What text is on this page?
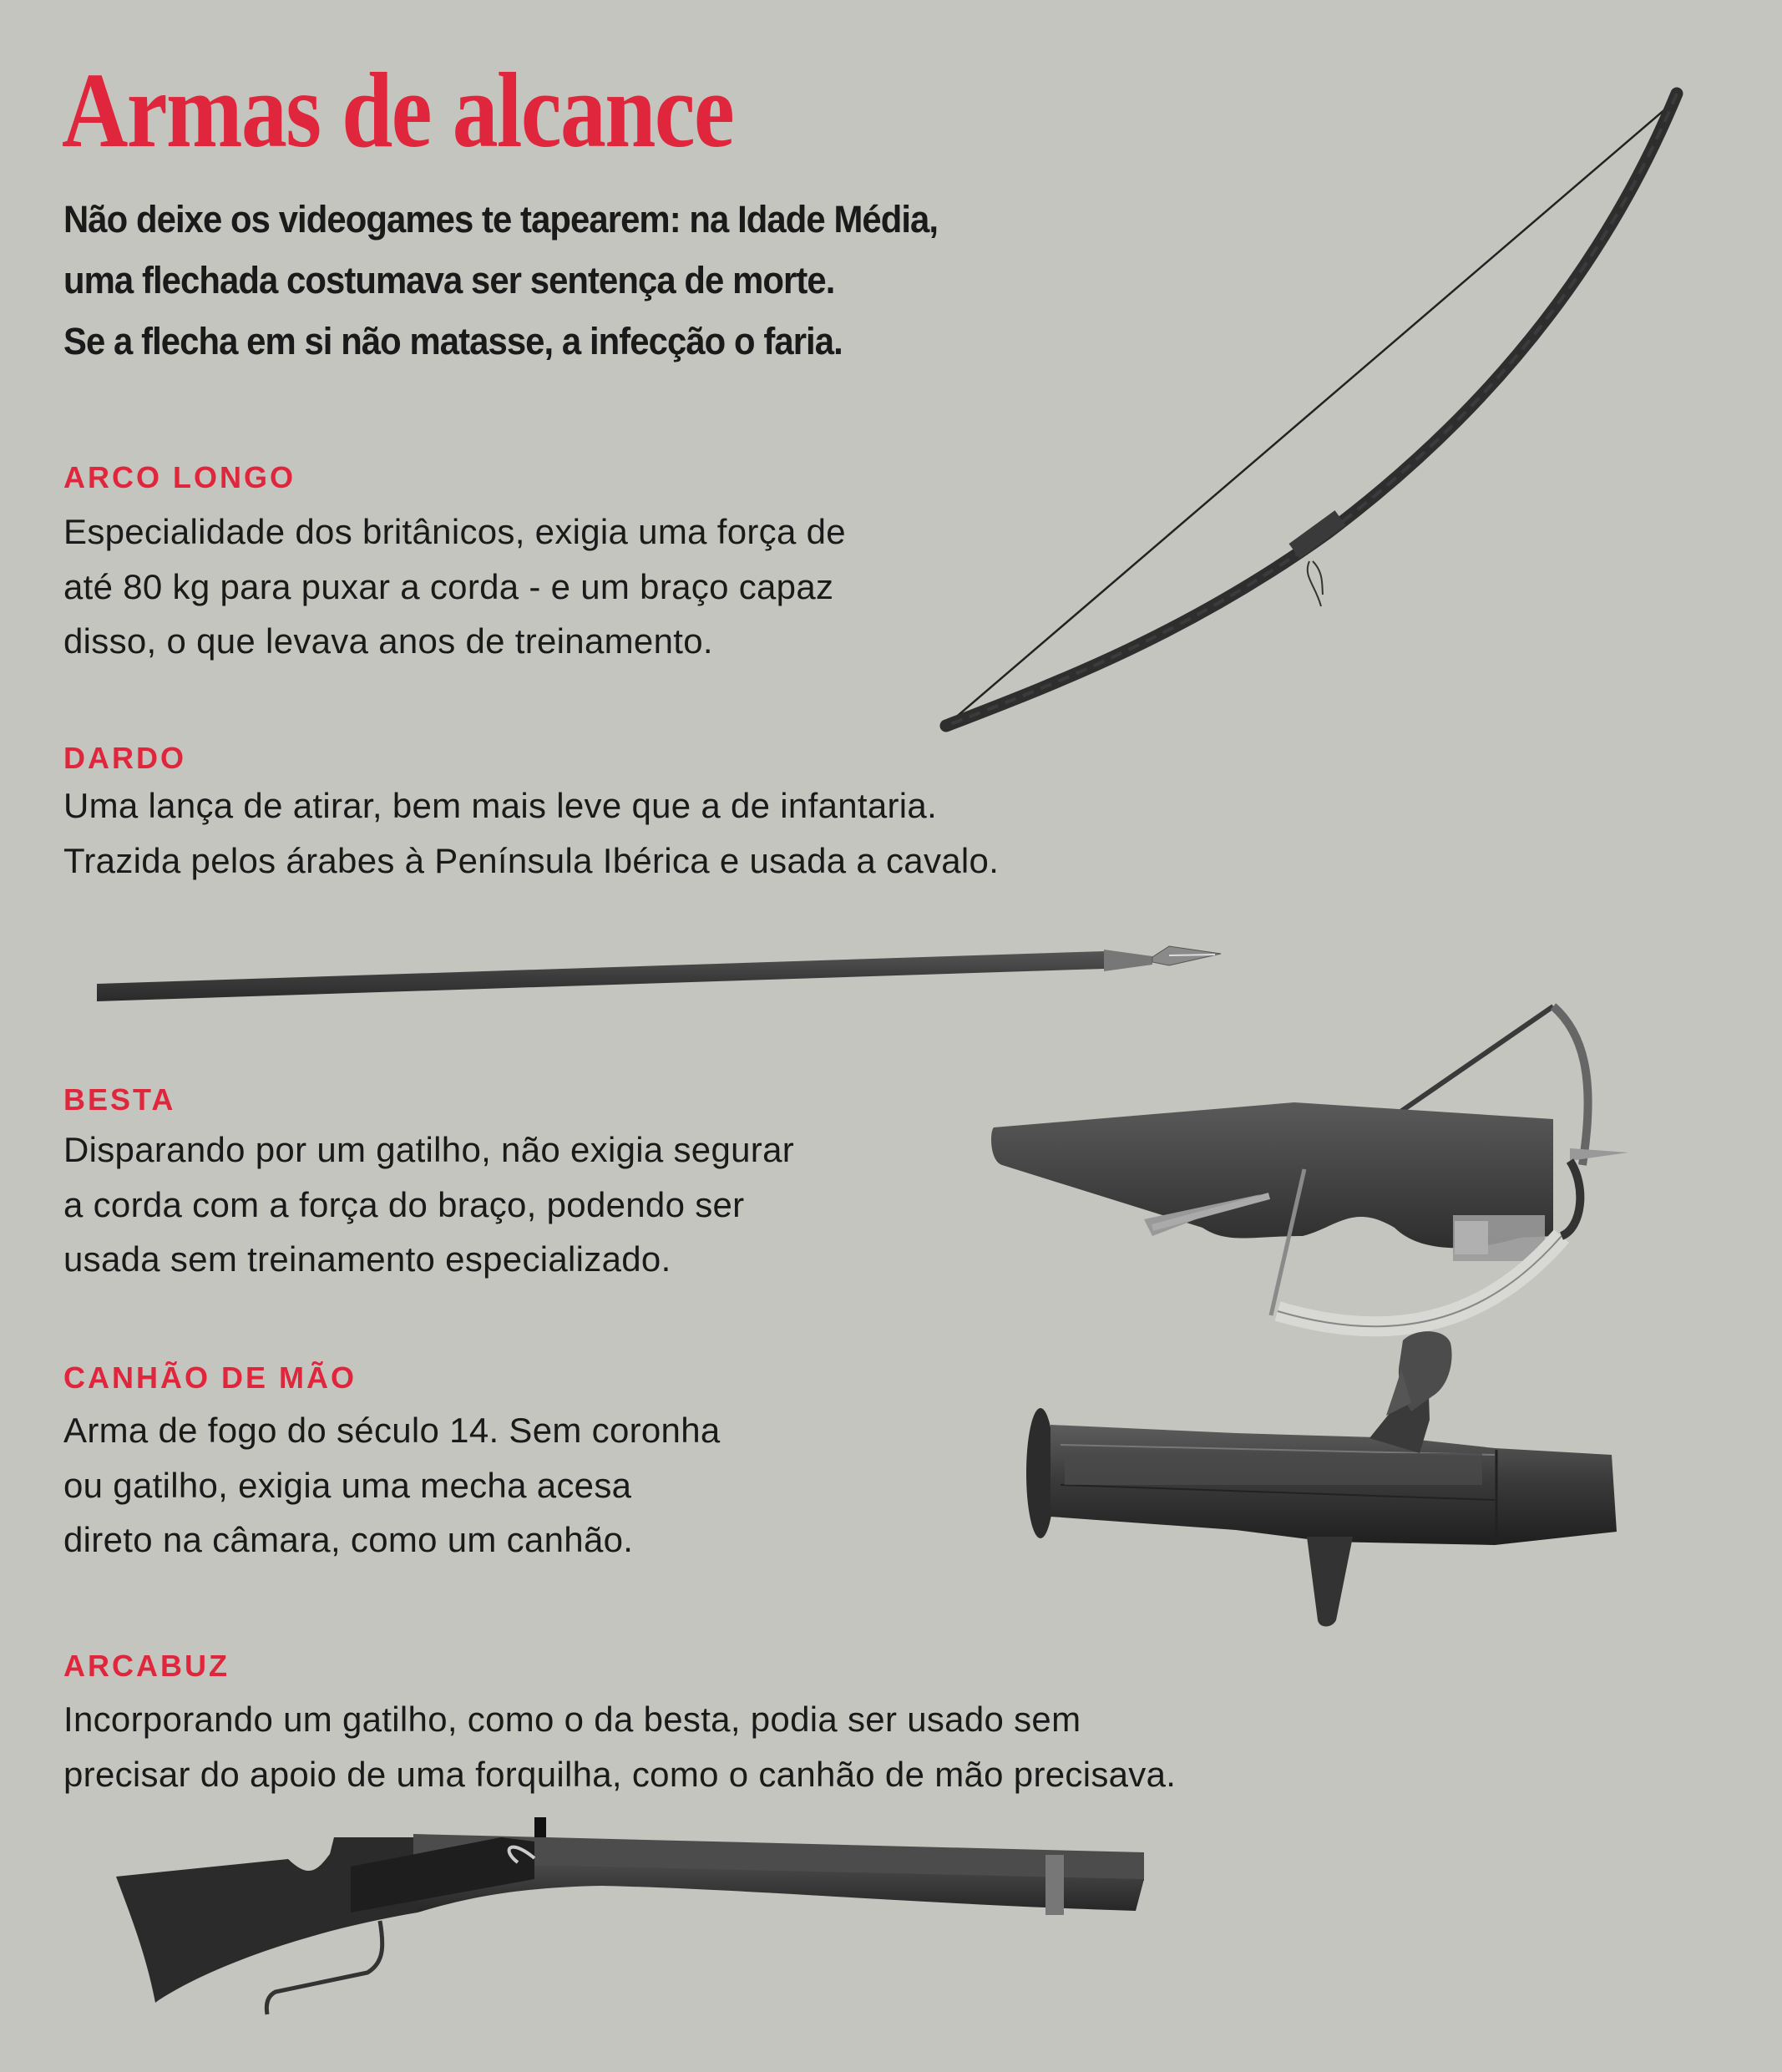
Armas de alcance
Não deixe os videogames te tapearem: na Idade Média,
uma flechada costumava ser sentença de morte.
Se a flecha em si não matasse, a infecção o faria.
ARCO LONGO
Especialidade dos britânicos, exigia uma força de
até 80 kg para puxar a corda - e um braço capaz
disso, o que levava anos de treinamento.
DARDO
Uma lança de atirar, bem mais leve que a de infantaria.
Trazida pelos árabes à Península Ibérica e usada a cavalo.
BESTA
Disparando por um gatilho, não exigia segurar
a corda com a força do braço, podendo ser
usada sem treinamento especializado.
CANHÃO DE MÃO
Arma de fogo do século 14. Sem coronha
ou gatilho, exigia uma mecha acesa
direto na câmara, como um canhão.
ARCABUZ
Incorporando um gatilho, como o da besta, podia ser usado sem
precisar do apoio de uma forquilha, como o canhão de mão precisava.
